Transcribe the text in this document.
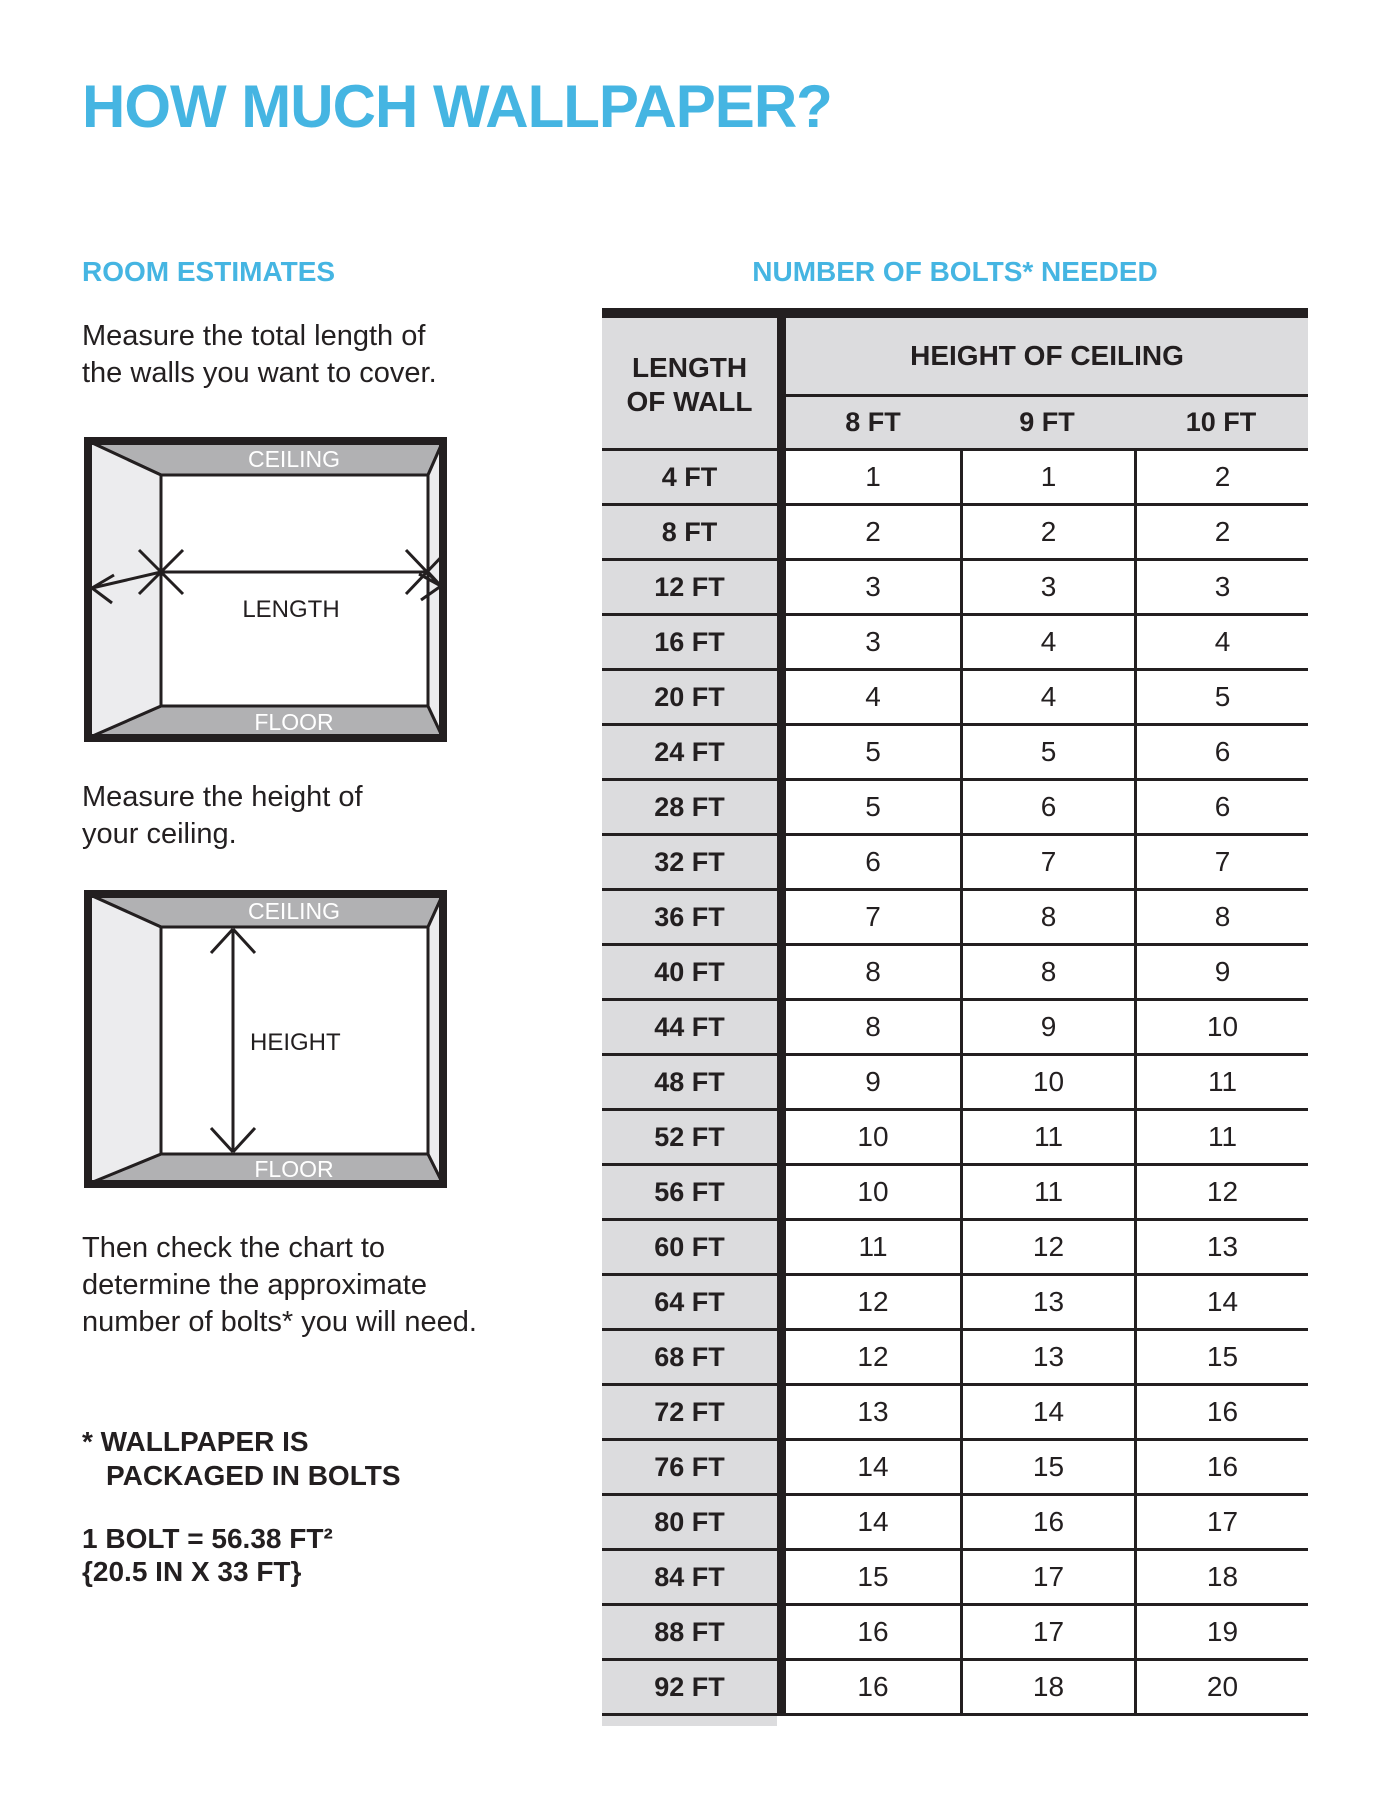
HOW MUCH WALLPAPER?
ROOM ESTIMATES	NUMBER OF BOLTS* NEEDED
Measure the total length of
the walls you want to cover.
CEILING
FLOOR
LENGTH
Measure the height of
your ceiling.
CEILING
FLOOR
HEIGHT
Then check the chart to
determine the approximate
number of bolts* you will need.
* WALLPAPER IS
PACKAGED IN BOLTS
1 BOLT = 56.38 FT²
{20.5 IN X 33 FT}
LENGTH
OF WALL
HEIGHT OF CEILING
8 FT	9 FT	10 FT
4 FT	1	1	2
8 FT	2	2	2
12 FT	3	3	3
16 FT	3	4	4
20 FT	4	4	5
24 FT	5	5	6
28 FT	5	6	6
32 FT	6	7	7
36 FT	7	8	8
40 FT	8	8	9
44 FT	8	9	10
48 FT	9	10	11
52 FT	10	11	11
56 FT	10	11	12
60 FT	11	12	13
64 FT	12	13	14
68 FT	12	13	15
72 FT	13	14	16
76 FT	14	15	16
80 FT	14	16	17
84 FT	15	17	18
88 FT	16	17	19
92 FT	16	18	20
